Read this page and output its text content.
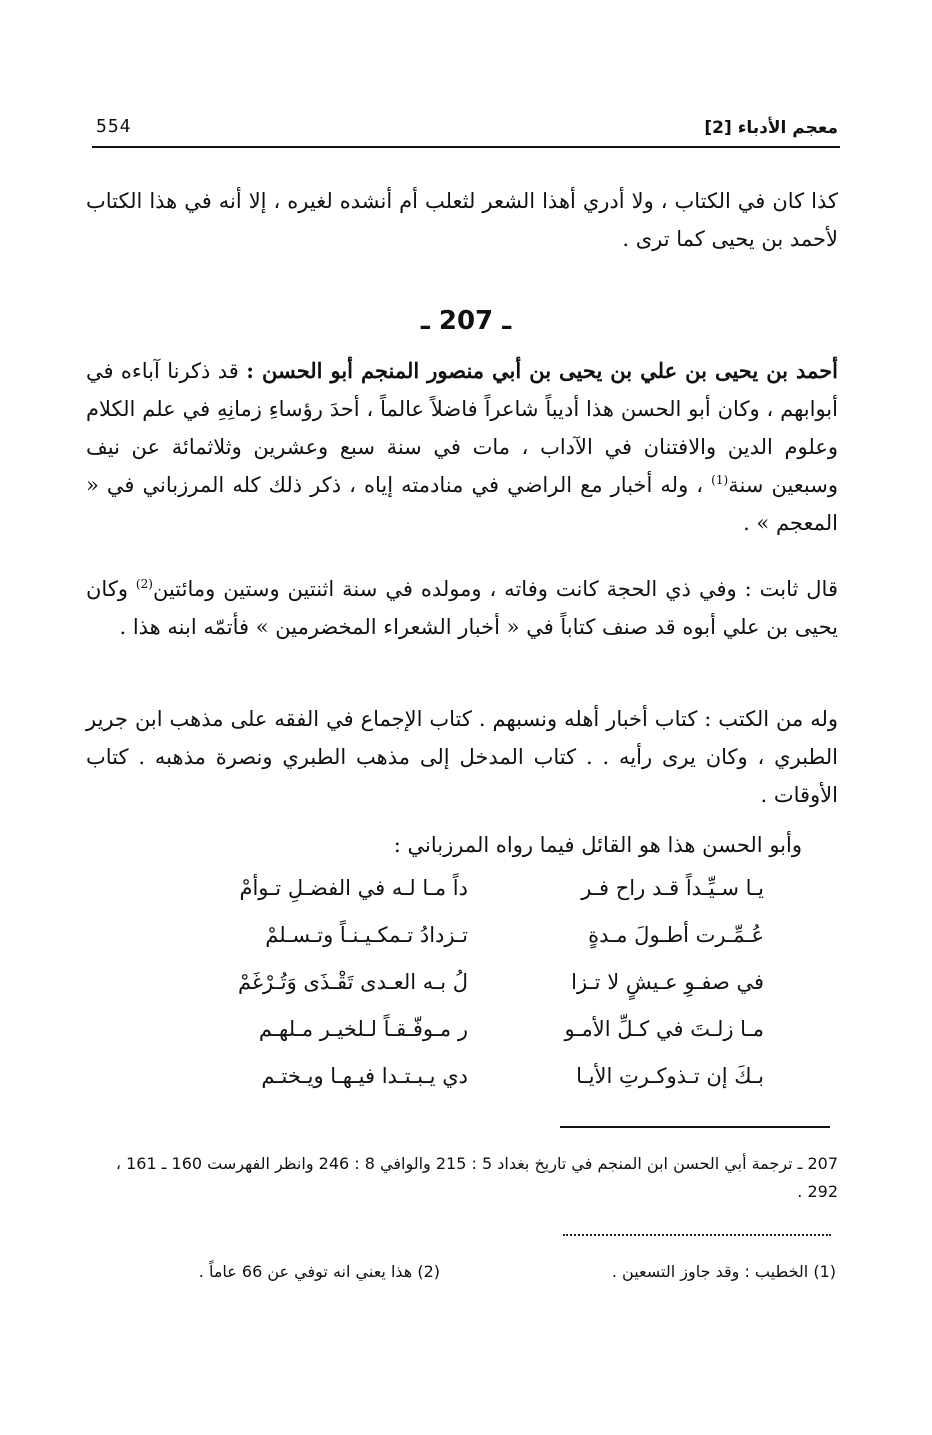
معجم الأدباء [2]
554

كذا كان في الكتاب ، ولا أدري أهذا الشعر لثعلب أم أنشده لغيره ، إلا أنه في هذا الكتاب لأحمد بن يحيى كما ترى .

ـ 207 ـ

أحمد بن يحيى بن علي بن يحيى بن أبي منصور المنجم أبو الحسن : قد ذكرنا آباءه في أبوابهم ، وكان أبو الحسن هذا أديباً شاعراً فاضلاً عالماً ، أحدَ رؤساءِ زمانِهِ في علم الكلام وعلوم الدين والافتنان في الآداب ، مات في سنة سبع وعشرين وثلاثمائة عن نيف وسبعين سنة$^{(1)}$ ، وله أخبار مع الراضي في منادمته إياه ، ذكر ذلك كله المرزباني في « المعجم » .

قال ثابت : وفي ذي الحجة كانت وفاته ، ومولده في سنة اثنتين وستين ومائتين$^{(2)}$ وكان يحيى بن علي أبوه قد صنف كتاباً في « أخبار الشعراء المخضرمين » فأتمّه ابنه هذا .

وله من الكتب : كتاب أخبار أهله ونسبهم . كتاب الإجماع في الفقه على مذهب ابن جرير الطبري ، وكان يرى رأيه . . كتاب المدخل إلى مذهب الطبري ونصرة مذهبه . كتاب الأوقات .

وأبو الحسن هذا هو القائل فيما رواه المرزباني :

يـا سـيِّـداً قـد راح فـر
داً مـا لـه في الفضـلِ تـوأمْ
عُـمِّـرت أطـولَ مـدةٍ
تـزدادُ تـمكـيـنـاً وتـسـلمْ
في صفـوِ عـيشٍ لا تـزا
لُ بـه العـدى تَقْـذَى وَتُـرْغَمْ
مـا زلـتَ في كـلِّ الأمـو
ر مـوفّـقـاً لـلخيـر مـلهـم
بـكَ إن تـذوكـرتِ الأيـا
دي يـبـتـدا فيـهـا ويـختـم

207 ـ ترجمة أبي الحسن ابن المنجم في تاريخ بغداد 5 : 215 والوافي 8 : 246 وانظر الفهرست 160 ـ 161 ، 292 .

(1) الخطيب : وقد جاوز التسعين .
(2) هذا يعني انه توفي عن 66 عاماً .
